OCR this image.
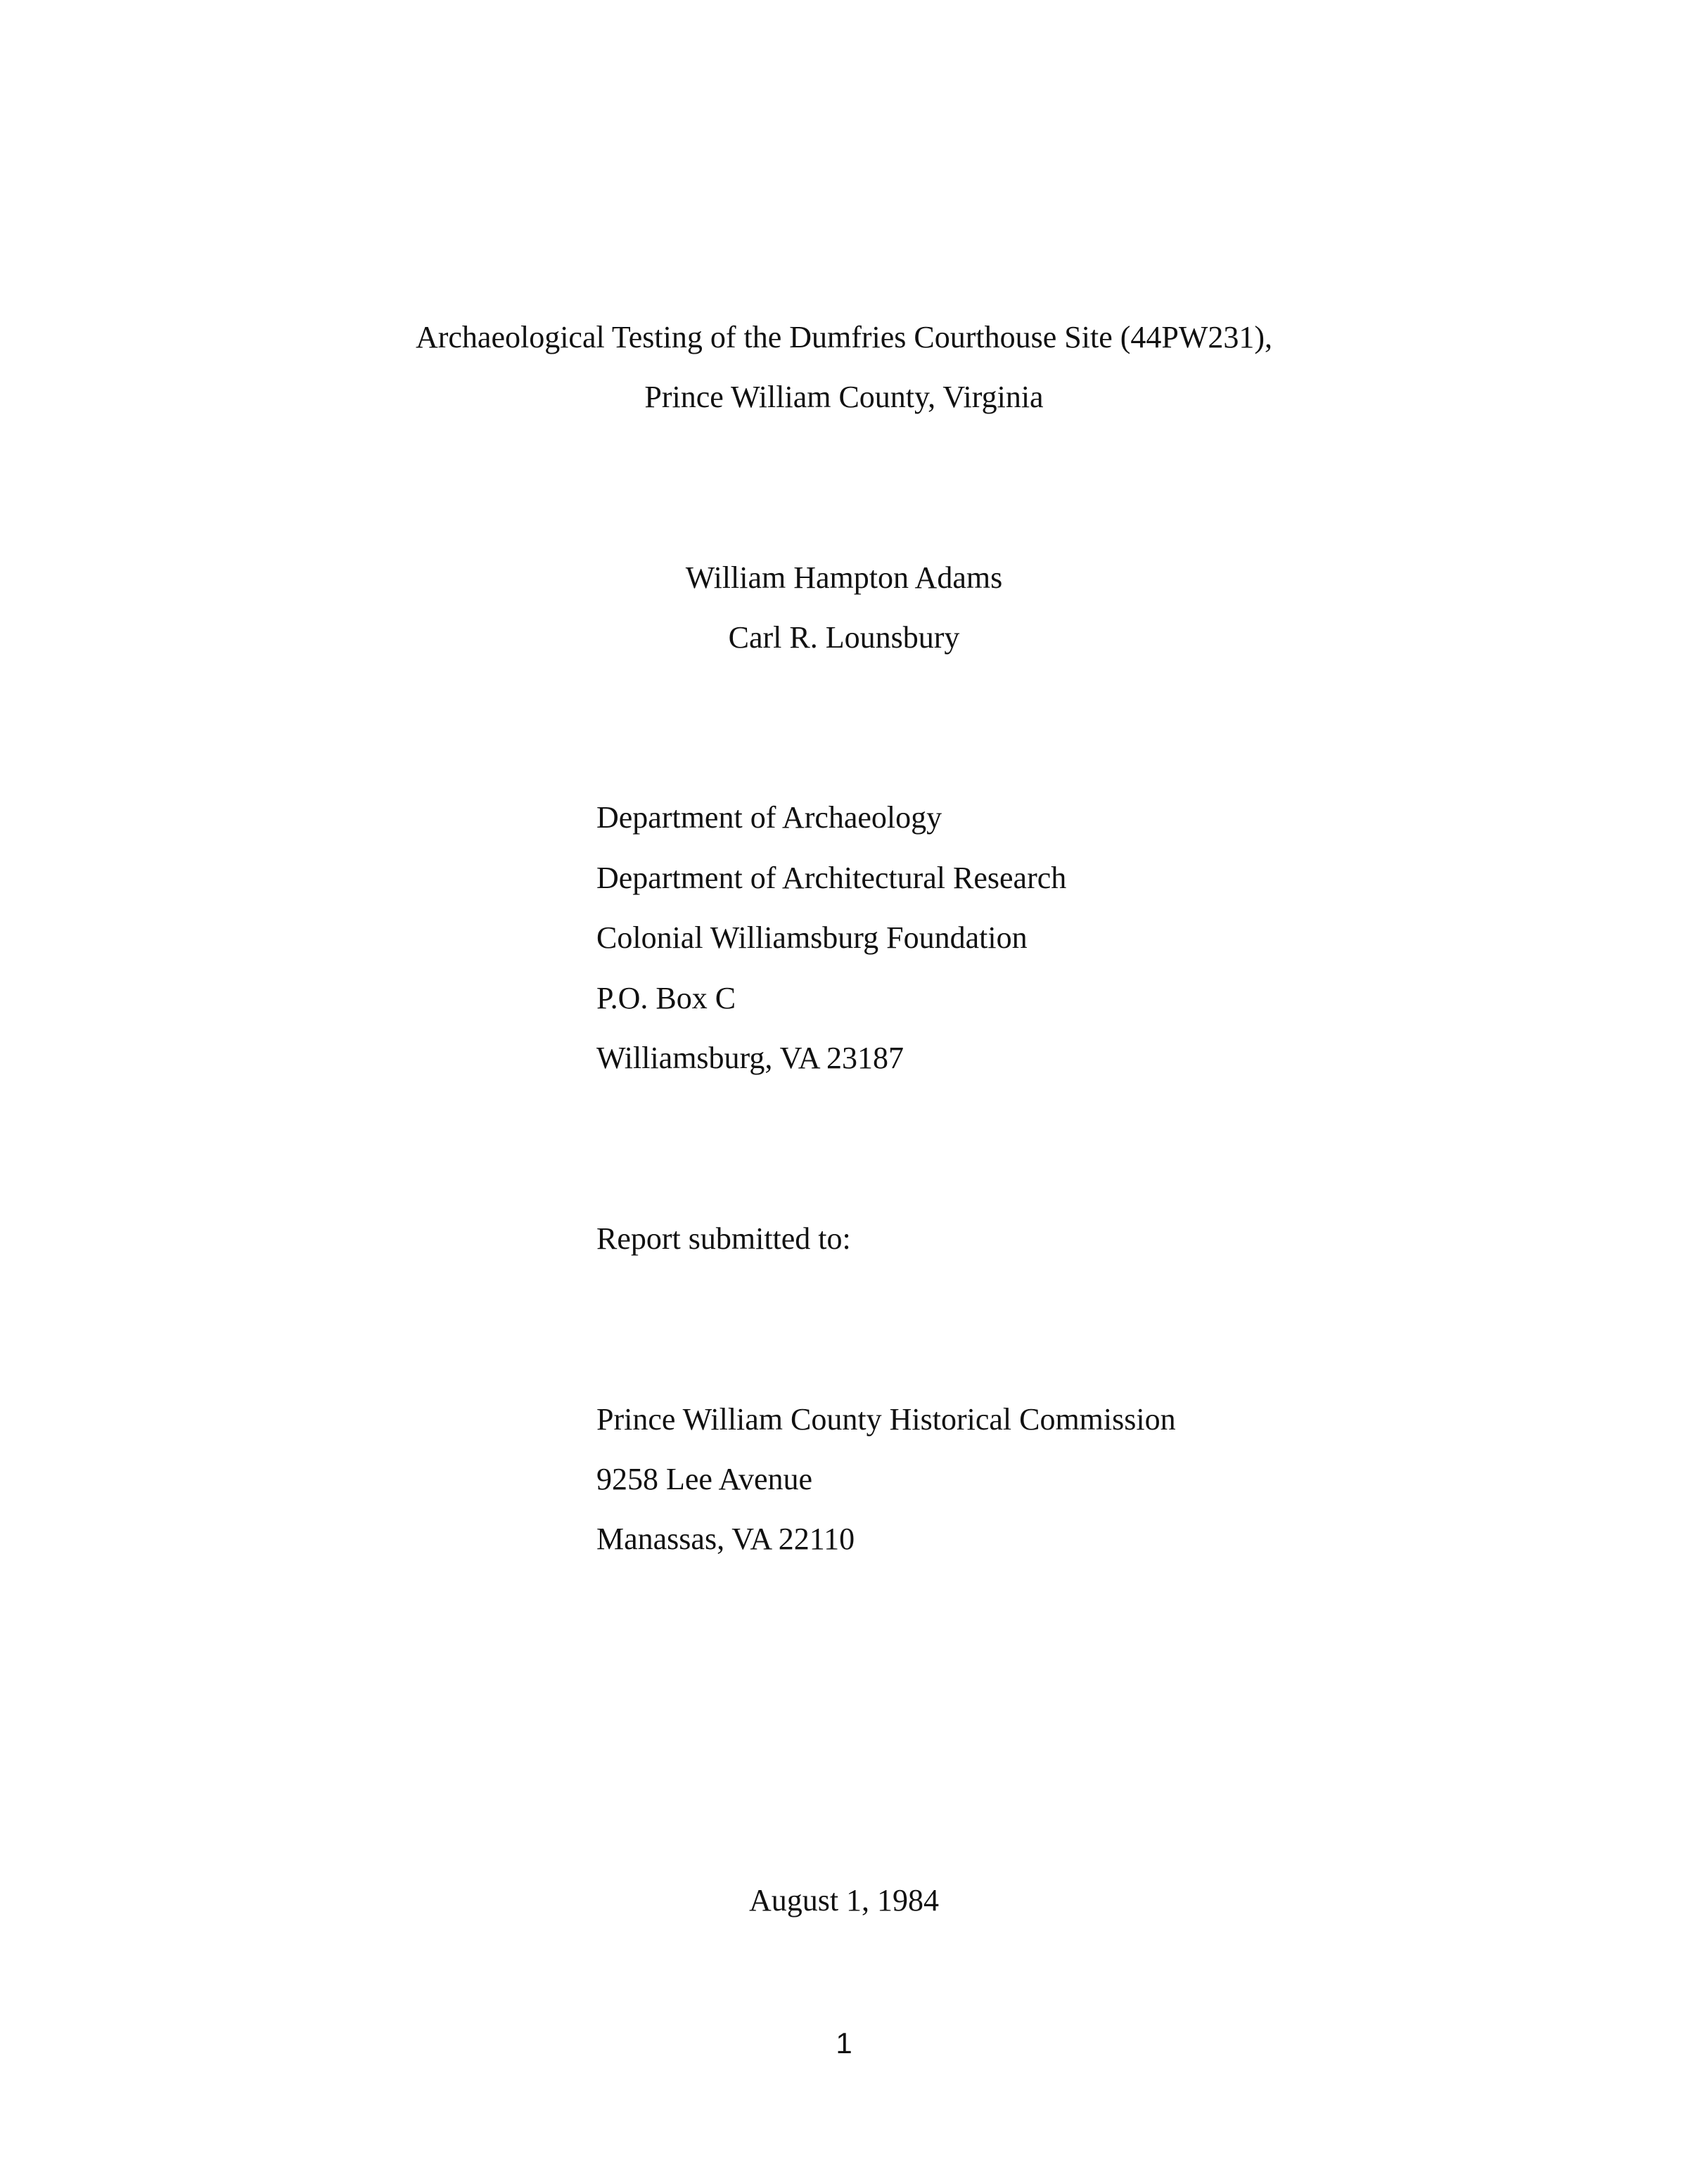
Archaeological Testing of the Dumfries Courthouse Site (44PW231),

Prince William County, Virginia

William Hampton Adams

Carl R. Lounsbury

Department of Archaeology

Department of Architectural Research

Colonial Williamsburg Foundation

P.O. Box C

Williamsburg, VA 23187

Report submitted to:

Prince William County Historical Commission

9258 Lee Avenue

Manassas, VA 22110

August 1, 1984

1
